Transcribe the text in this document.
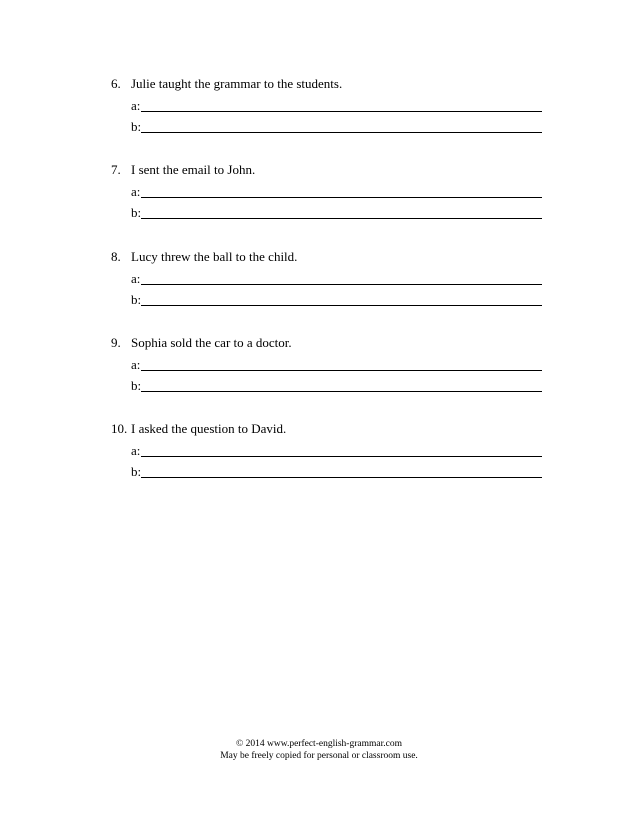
6. Julie taught the grammar to the students.
a:
b:
7. I sent the email to John.
a:
b:
8. Lucy threw the ball to the child.
a:
b:
9. Sophia sold the car to a doctor.
a:
b:
10. I asked the question to David.
a:
b:
© 2014 www.perfect-english-grammar.com
May be freely copied for personal or classroom use.
